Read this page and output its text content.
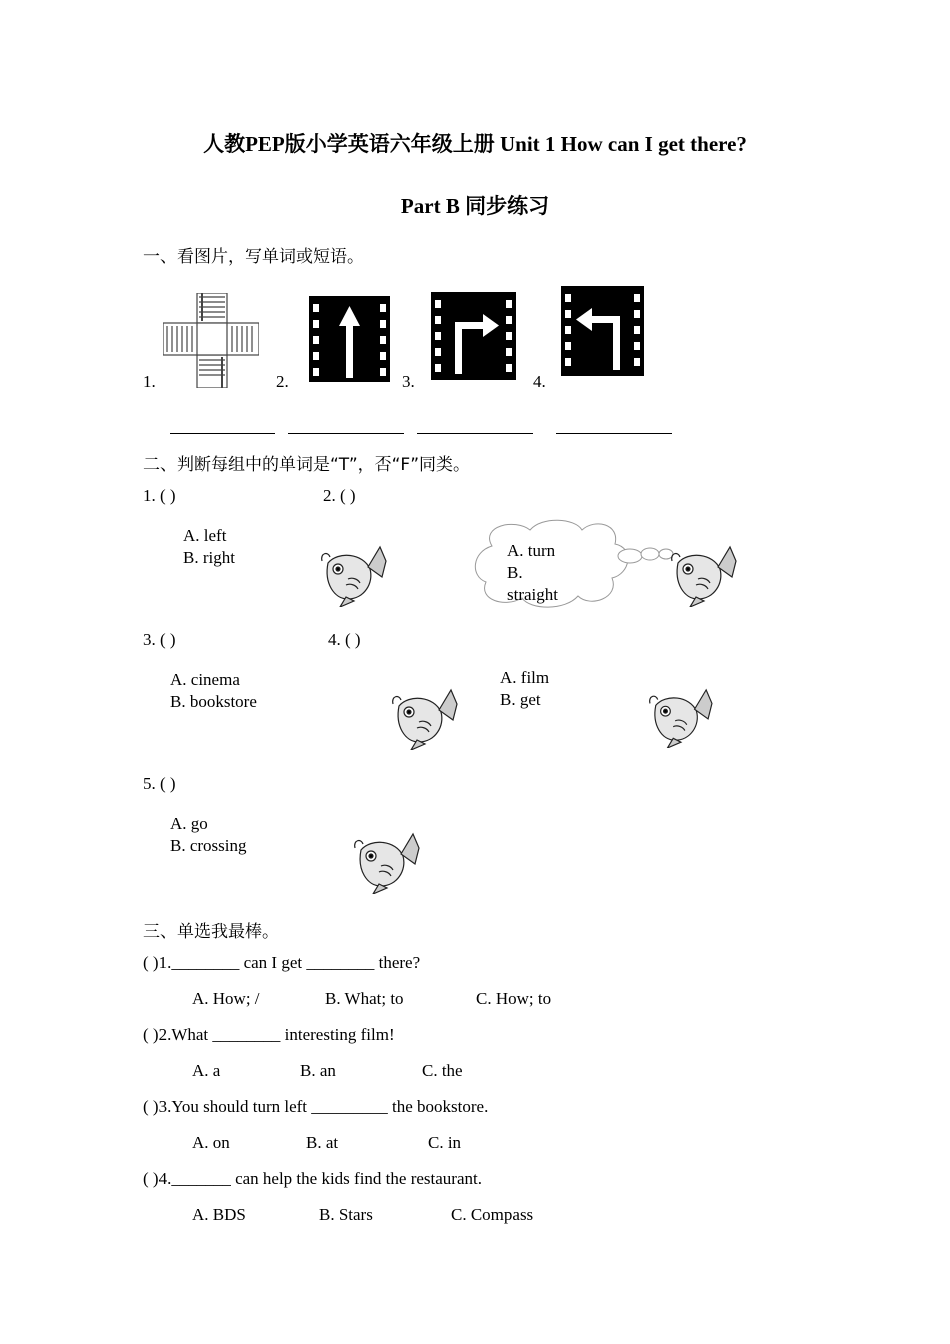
人教PEP版小学英语六年级上册 Unit 1 How can I get there?
Part B 同步练习
一、看图片，写单词或短语。
1.	2.	3.	4.
二、判断每组中的单词是“T”，否“F”同类。
1. ( )	2. ( )
A. left
B. right	A. turn
B.
straight
3. ( )	4. ( )
A. cinema
B. bookstore
A. film
B. get
5. ( )
A. go
B. crossing
三、单选我最棒。
( )1.________ can I get ________ there?
A. How; /	B. What; to	C. How; to
( )2.What ________ interesting film!
A. a	B. an	C. the
( )3.You should turn left _________ the bookstore.
A. on	B. at	C. in
( )4._______ can help the kids find the restaurant.
A. BDS	B. Stars	C. Compass
